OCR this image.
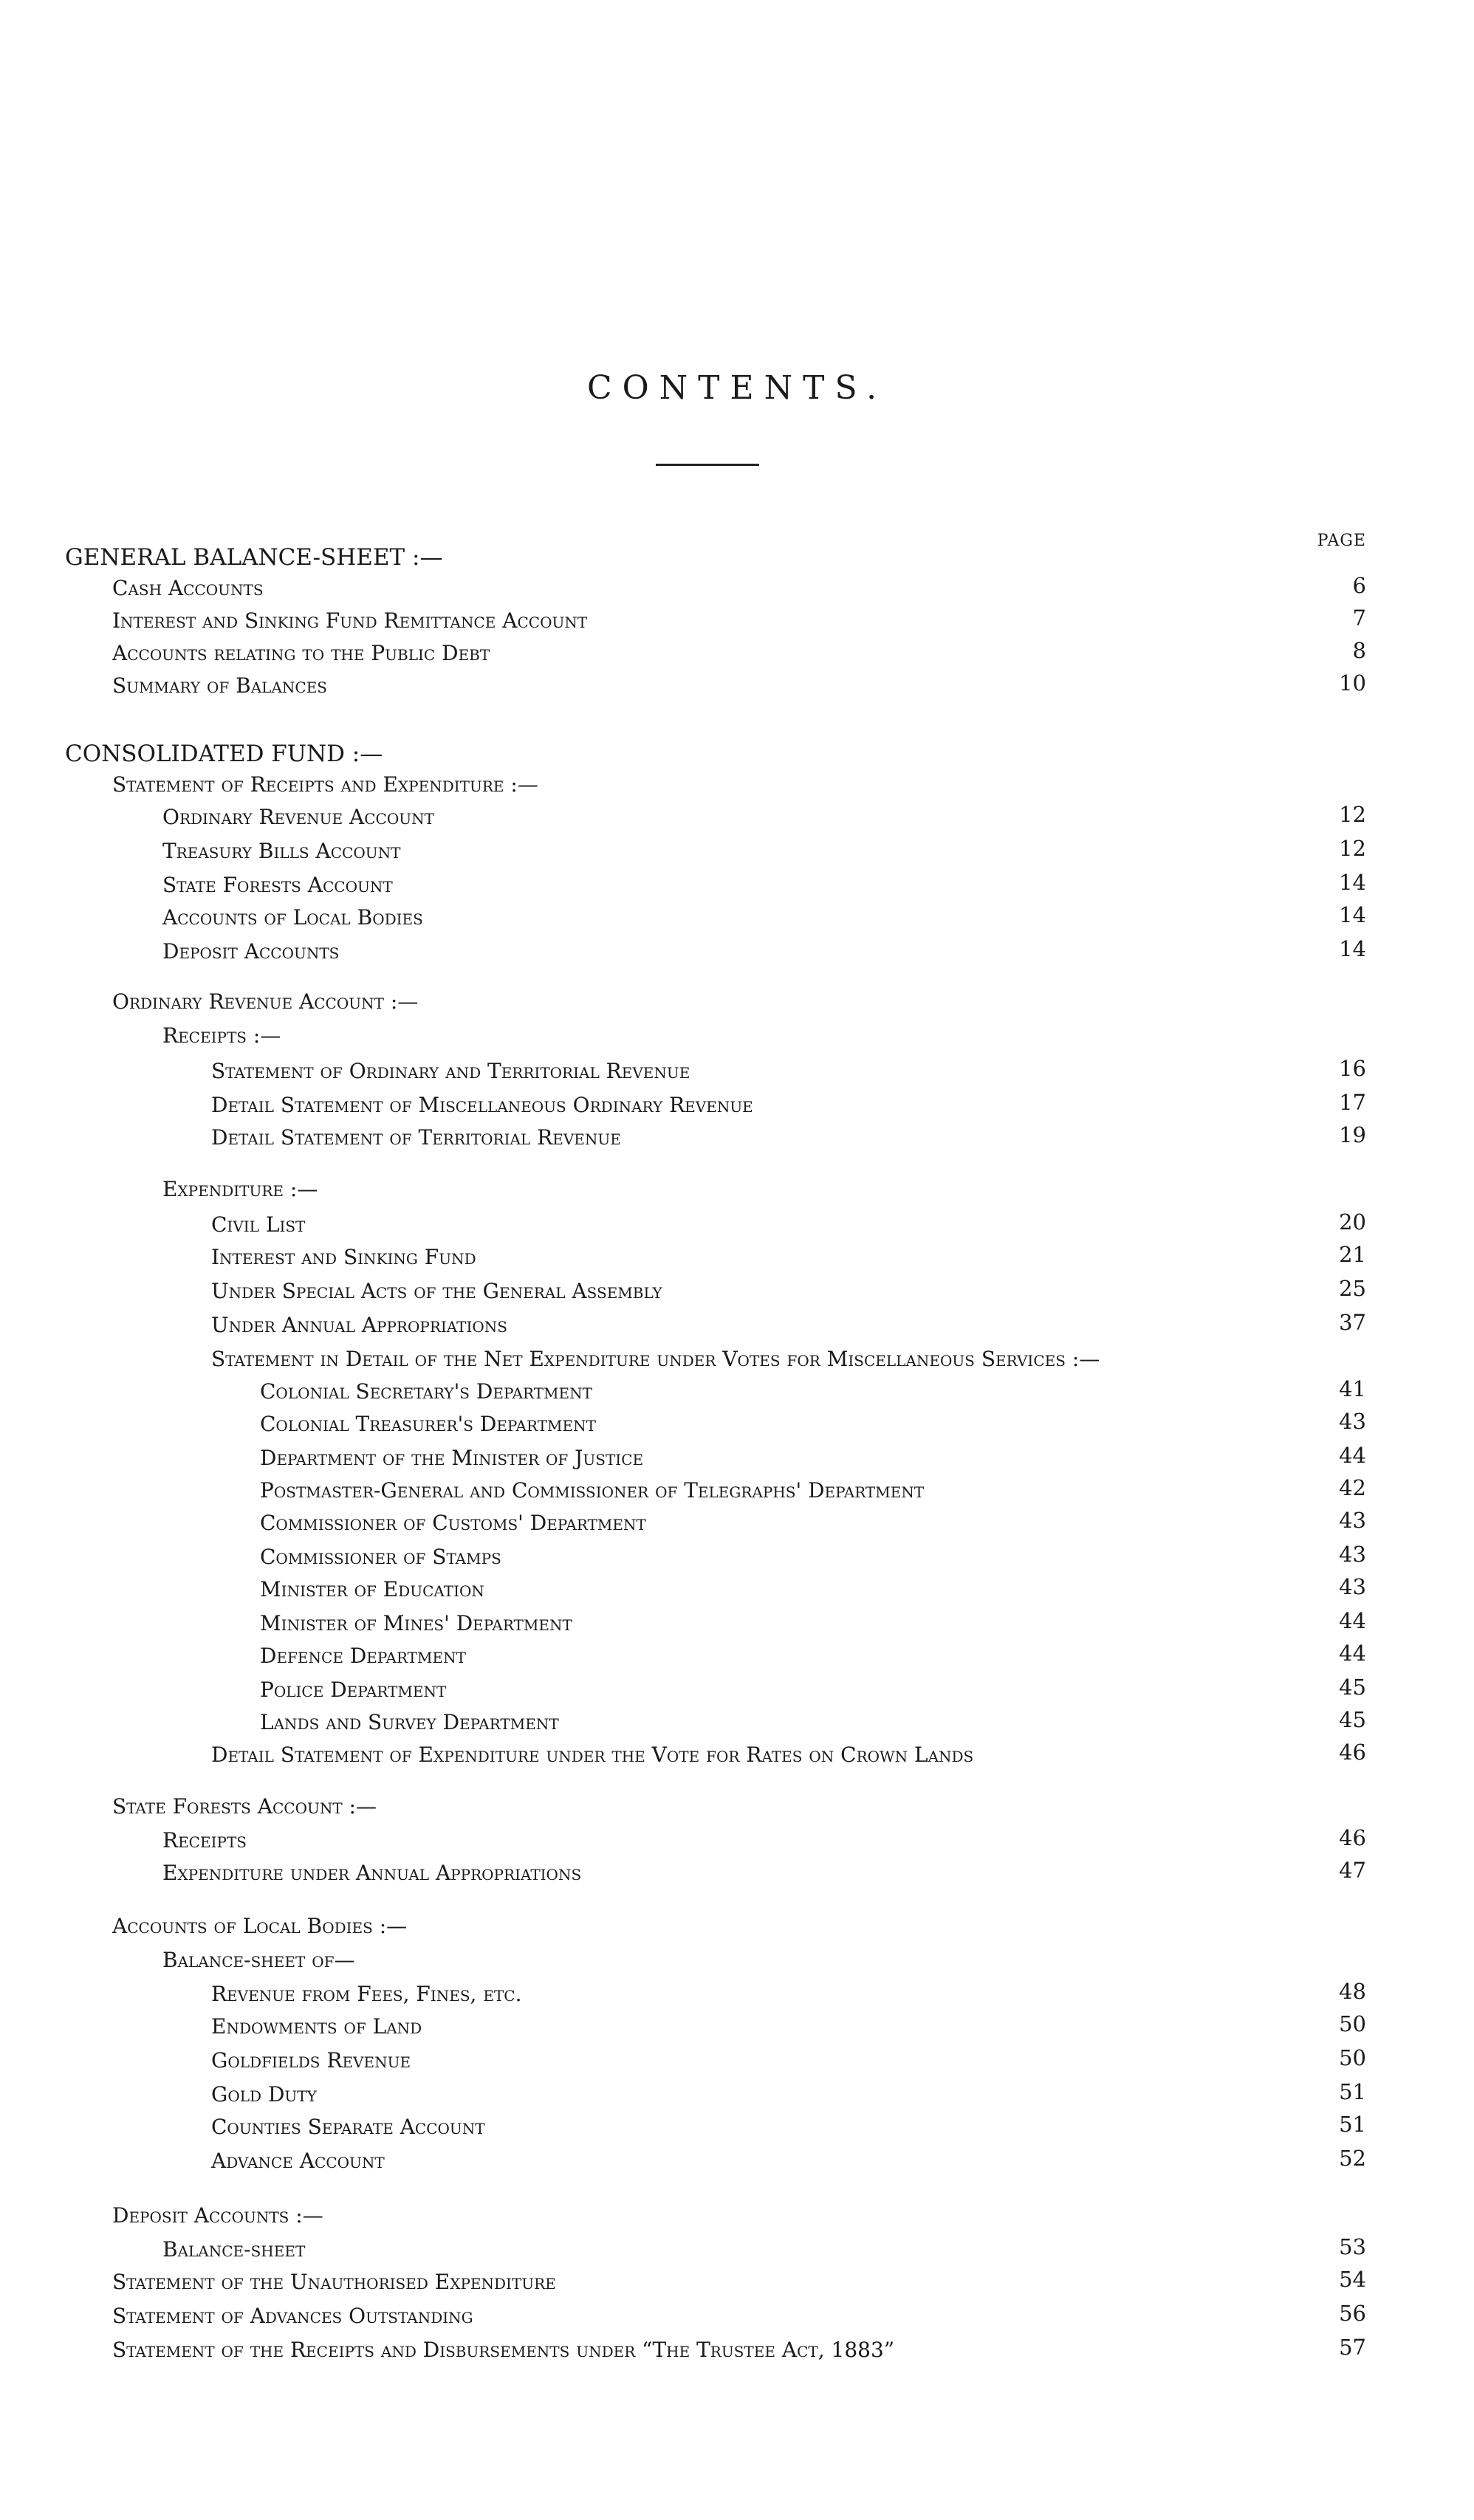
CONTENTS.
PAGE
GENERAL BALANCE-SHEET :—
Cash Accounts	6
Interest and Sinking Fund Remittance Account	7
Accounts relating to the Public Debt	8
Summary of Balances	10
CONSOLIDATED FUND :—
Statement of Receipts and Expenditure :—
Ordinary Revenue Account	12
Treasury Bills Account	12
State Forests Account	14
Accounts of Local Bodies	14
Deposit Accounts	14
Ordinary Revenue Account :—
Receipts :—
Statement of Ordinary and Territorial Revenue	16
Detail Statement of Miscellaneous Ordinary Revenue	17
Detail Statement of Territorial Revenue	19
Expenditure :—
Civil List	20
Interest and Sinking Fund	21
Under Special Acts of the General Assembly	25
Under Annual Appropriations	37
Statement in Detail of the Net Expenditure under Votes for Miscellaneous Services :—
Colonial Secretary's Department	41
Colonial Treasurer's Department	43
Department of the Minister of Justice	44
Postmaster-General and Commissioner of Telegraphs' Department	42
Commissioner of Customs' Department	43
Commissioner of Stamps	43
Minister of Education	43
Minister of Mines' Department	44
Defence Department	44
Police Department	45
Lands and Survey Department	45
Detail Statement of Expenditure under the Vote for Rates on Crown Lands	46
State Forests Account :—
Receipts	46
Expenditure under Annual Appropriations	47
Accounts of Local Bodies :—
Balance-sheet of—
Revenue from Fees, Fines, etc.	48
Endowments of Land	50
Goldfields Revenue	50
Gold Duty	51
Counties Separate Account	51
Advance Account	52
Deposit Accounts :—
Balance-sheet	53
Statement of the Unauthorised Expenditure	54
Statement of Advances Outstanding	56
Statement of the Receipts and Disbursements under “The Trustee Act, 1883”	57
